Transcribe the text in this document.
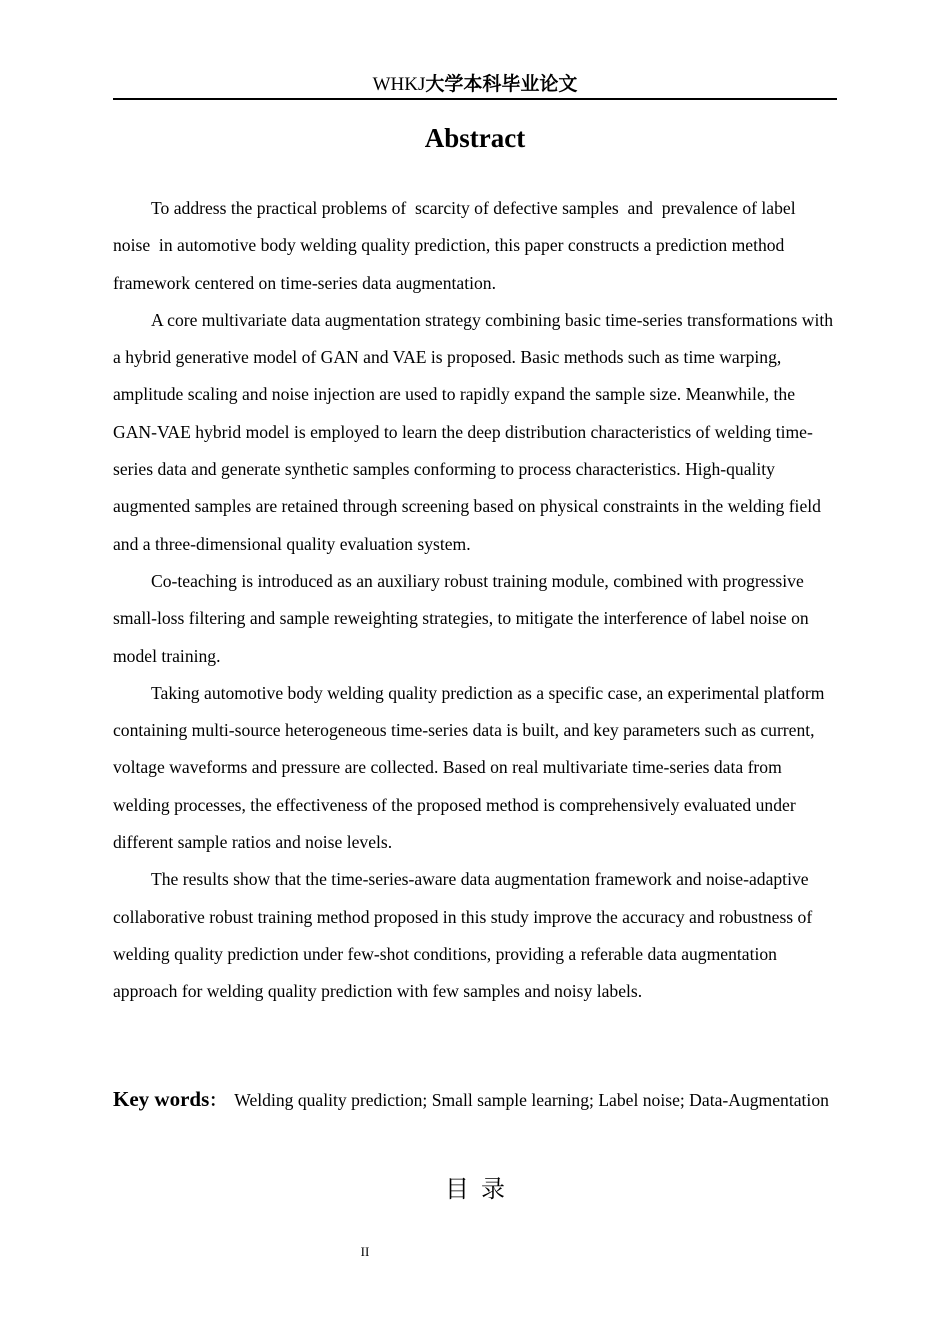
WHKJ大学本科毕业论文
Abstract

To address the practical problems of  scarcity of defective samples  and  prevalence of label noise  in automotive body welding quality prediction, this paper constructs a prediction method framework centered on time-series data augmentation.

A core multivariate data augmentation strategy combining basic time-series transformations with a hybrid generative model of GAN and VAE is proposed. Basic methods such as time warping, amplitude scaling and noise injection are used to rapidly expand the sample size. Meanwhile, the GAN-VAE hybrid model is employed to learn the deep distribution characteristics of welding time-series data and generate synthetic samples conforming to process characteristics. High-quality augmented samples are retained through screening based on physical constraints in the welding field and a three-dimensional quality evaluation system.

Co-teaching is introduced as an auxiliary robust training module, combined with progressive small-loss filtering and sample reweighting strategies, to mitigate the interference of label noise on model training.

Taking automotive body welding quality prediction as a specific case, an experimental platform containing multi-source heterogeneous time-series data is built, and key parameters such as current, voltage waveforms and pressure are collected. Based on real multivariate time-series data from welding processes, the effectiveness of the proposed method is comprehensively evaluated under different sample ratios and noise levels.

The results show that the time-series-aware data augmentation framework and noise-adaptive collaborative robust training method proposed in this study improve the accuracy and robustness of welding quality prediction under few-shot conditions, providing a referable data augmentation approach for welding quality prediction with few samples and noisy labels.

Key words： Welding quality prediction; Small sample learning; Label noise; Data-Augmentation
目录
II
